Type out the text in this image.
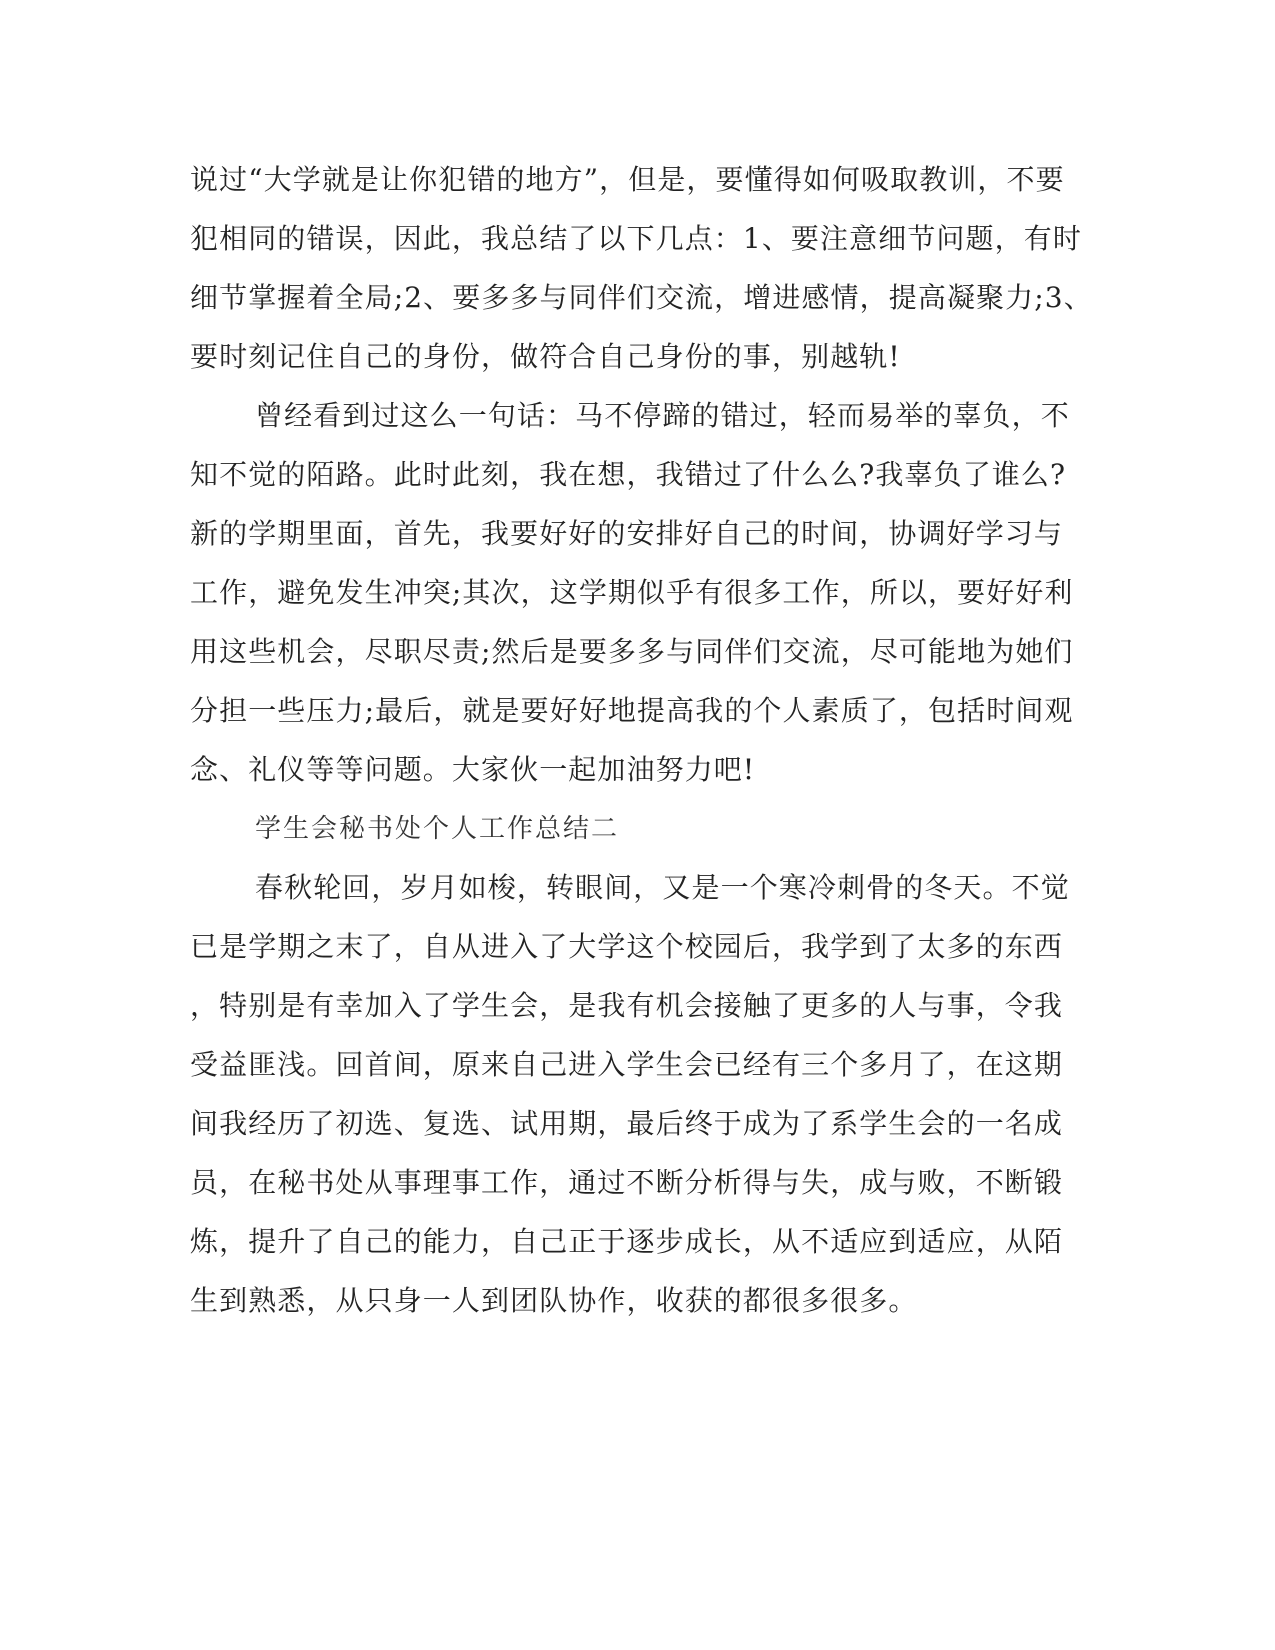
说过“大学就是让你犯错的地方”，但是，要懂得如何吸取教训，不要
犯相同的错误，因此，我总结了以下几点：1、要注意细节问题，有时
细节掌握着全局;2、要多多与同伴们交流，增进感情，提高凝聚力;3、
要时刻记住自己的身份，做符合自己身份的事，别越轨!
曾经看到过这么一句话：马不停蹄的错过，轻而易举的辜负，不
知不觉的陌路。此时此刻，我在想，我错过了什么么?我辜负了谁么?
新的学期里面，首先，我要好好的安排好自己的时间，协调好学习与
工作，避免发生冲突;其次，这学期似乎有很多工作，所以，要好好利
用这些机会，尽职尽责;然后是要多多与同伴们交流，尽可能地为她们
分担一些压力;最后，就是要好好地提高我的个人素质了，包括时间观
念、礼仪等等问题。大家伙一起加油努力吧!
学生会秘书处个人工作总结二
春秋轮回，岁月如梭，转眼间，又是一个寒冷刺骨的冬天。不觉
已是学期之末了，自从进入了大学这个校园后，我学到了太多的东西
，特别是有幸加入了学生会，是我有机会接触了更多的人与事，令我
受益匪浅。回首间，原来自己进入学生会已经有三个多月了，在这期
间我经历了初选、复选、试用期，最后终于成为了系学生会的一名成
员，在秘书处从事理事工作，通过不断分析得与失，成与败，不断锻
炼，提升了自己的能力，自己正于逐步成长，从不适应到适应，从陌
生到熟悉，从只身一人到团队协作，收获的都很多很多。
